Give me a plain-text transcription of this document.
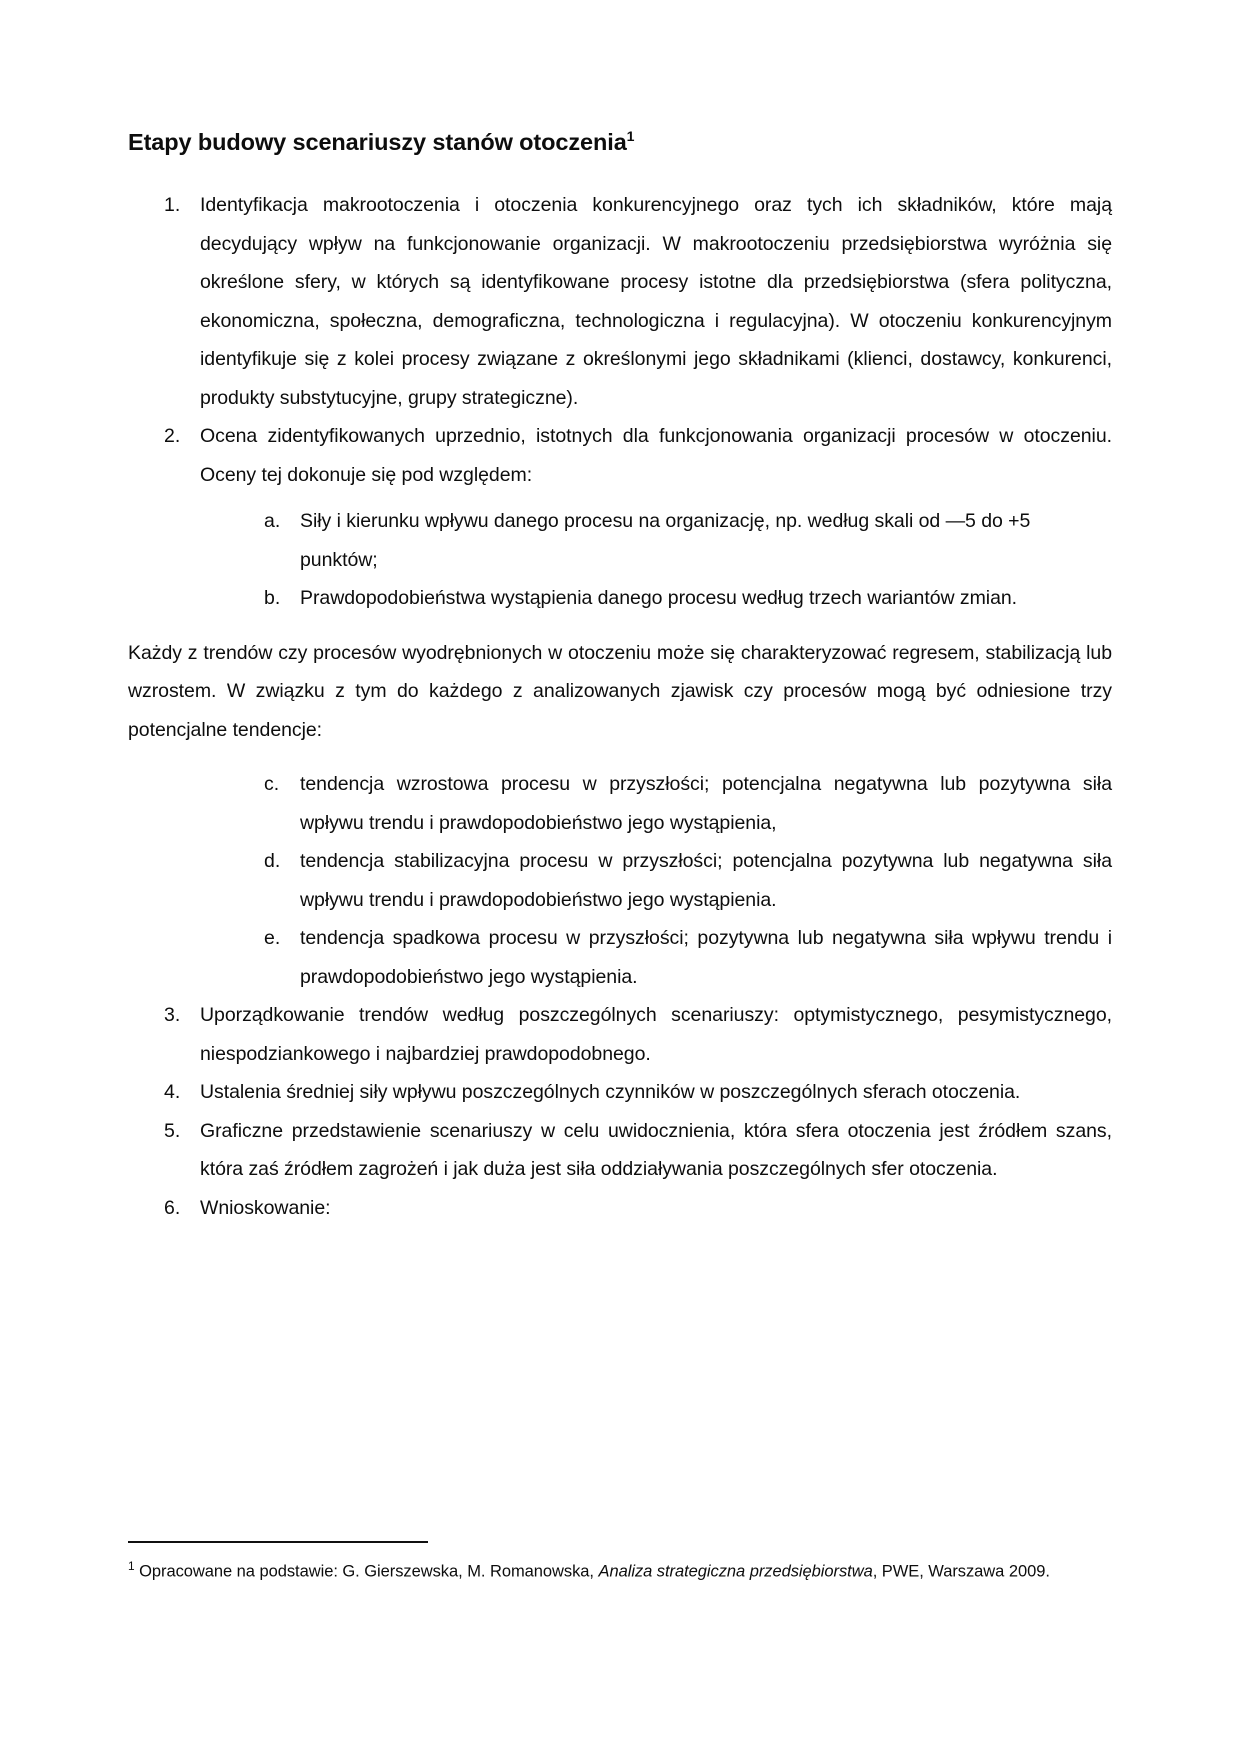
Etapy budowy scenariuszy stanów otoczenia$^1$
1.	Identyfikacja makrootoczenia i otoczenia konkurencyjnego oraz tych ich składników, które mają decydujący wpływ na funkcjonowanie organizacji. W makrootoczeniu przedsiębiorstwa wyróżnia się określone sfery, w których są identyfikowane procesy istotne dla przedsiębiorstwa (sfera polityczna, ekonomiczna, społeczna, demograficzna, technologiczna i regulacyjna). W otoczeniu konkurencyjnym identyfikuje się z kolei procesy związane z określonymi jego składnikami (klienci, dostawcy, konkurenci, produkty substytucyjne, grupy strategiczne).

2.	Ocena zidentyfikowanych uprzednio, istotnych dla funkcjonowania organizacji procesów w otoczeniu. Oceny tej dokonuje się pod względem:

a.	Siły i kierunku wpływu danego procesu na organizację, np. według skali od —5 do +5 punktów;

b.	Prawdopodobieństwa wystąpienia danego procesu według trzech wariantów zmian.

Każdy z trendów czy procesów wyodrębnionych w otoczeniu może się charakteryzować regresem, stabilizacją lub wzrostem. W związku z tym do każdego z analizowanych zjawisk czy procesów mogą być odniesione trzy potencjalne tendencje:

c.	tendencja wzrostowa procesu w przyszłości; potencjalna negatywna lub pozytywna siła wpływu trendu i prawdopodobieństwo jego wystąpienia,

d.	tendencja stabilizacyjna procesu w przyszłości; potencjalna pozytywna lub negatywna siła wpływu trendu i prawdopodobieństwo jego wystąpienia.

e.	tendencja spadkowa procesu w przyszłości; pozytywna lub negatywna siła wpływu trendu i prawdopodobieństwo jego wystąpienia.

3.	Uporządkowanie trendów według poszczególnych scenariuszy: optymistycznego, pesymistycznego, niespodziankowego i najbardziej prawdopodobnego.

4.	Ustalenia średniej siły wpływu poszczególnych czynników w poszczególnych sferach otoczenia.

5.	Graficzne przedstawienie scenariuszy w celu uwidocznienia, która sfera otoczenia jest źródłem szans, która zaś źródłem zagrożeń i jak duża jest siła oddziaływania poszczególnych sfer otoczenia.

6.	Wnioskowanie:

$^1$ Opracowane na podstawie: G. Gierszewska, M. Romanowska, Analiza strategiczna przedsiębiorstwa, PWE, Warszawa 2009.
